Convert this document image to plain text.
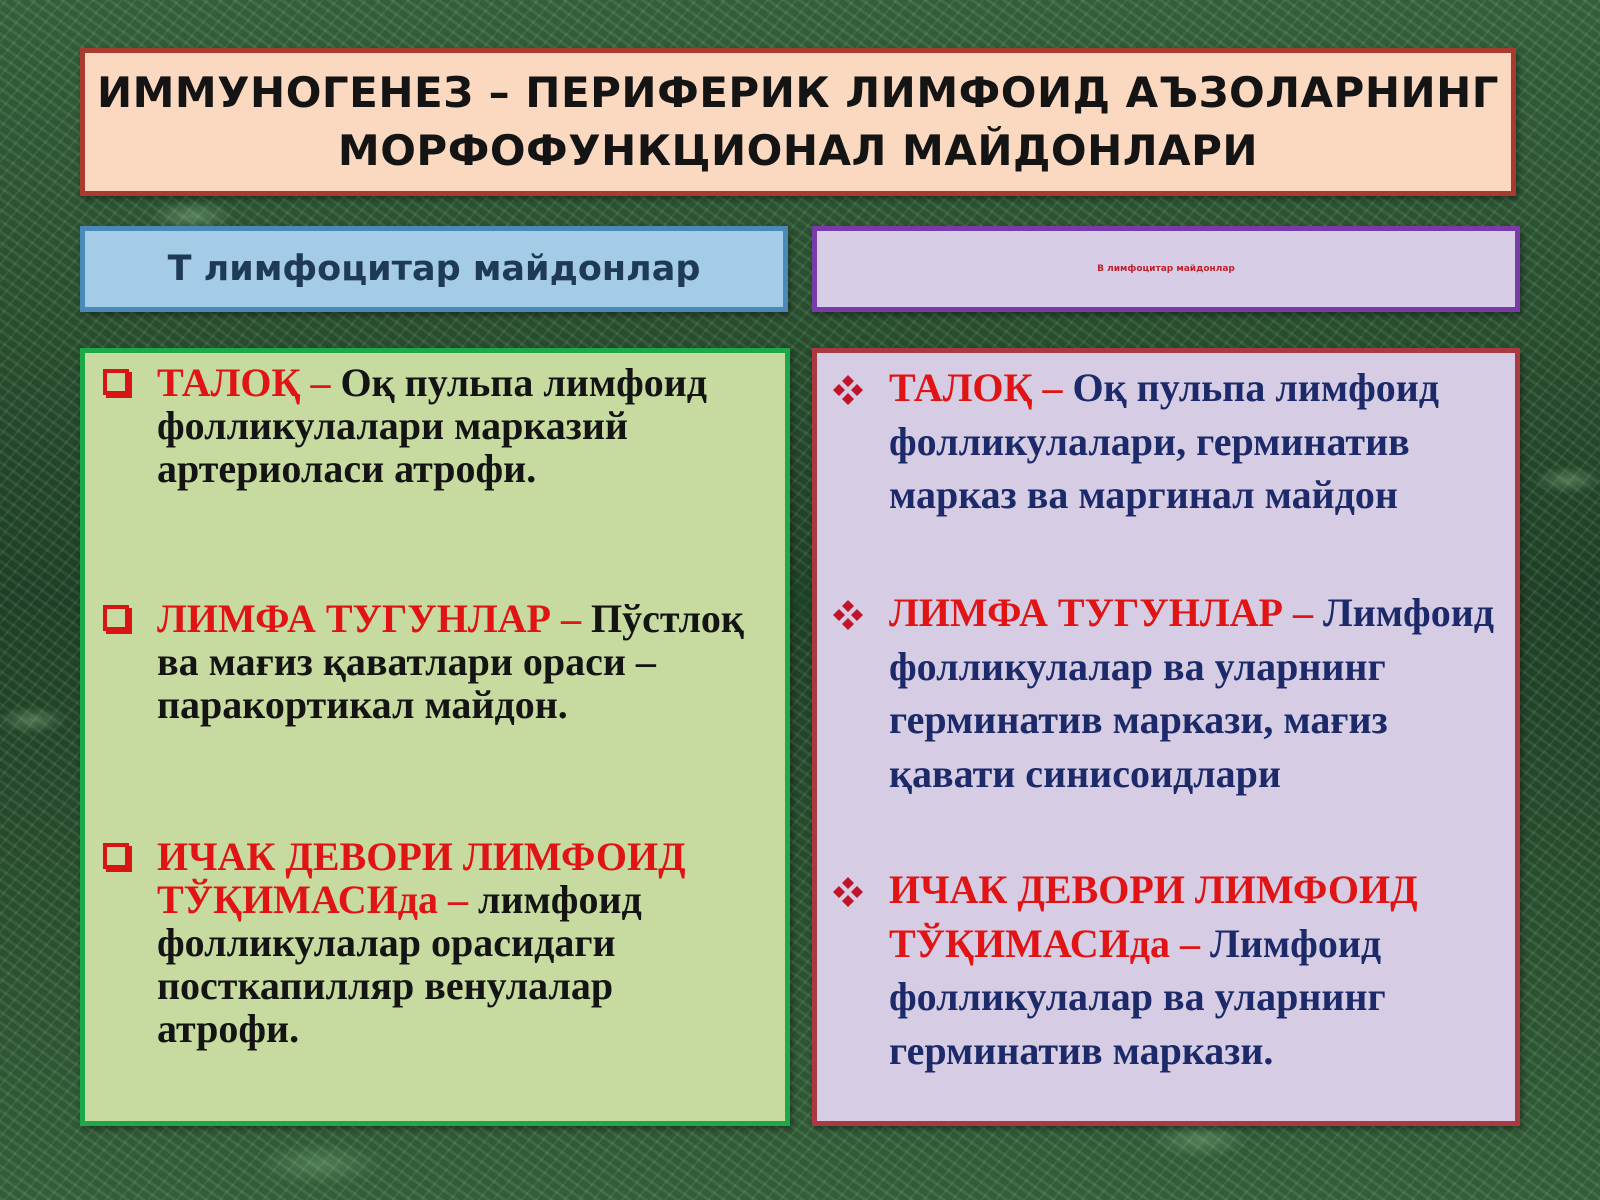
ИММУНОГЕНЕЗ – ПЕРИФЕРИК ЛИМФОИД АЪЗОЛАРНИНГ
МОРФОФУНКЦИОНАЛ МАЙДОНЛАРИ
Т лимфоцитар майдонлар	В лимфоцитар майдонлар
ТАЛОҚ – Оқ пульпа лимфоид фолликулалари марказий артериоласи атрофи.
ЛИМФА ТУГУНЛАР – Пўстлоқ ва мағиз қаватлари ораси – паракортикал майдон.
ИЧАК ДЕВОРИ ЛИМФОИД ТЎҚИМАСИда – лимфоид фолликулалар орасидаги посткапилляр венулалар атрофи.
ТАЛОҚ – Оқ пульпа лимфоид фолликулалари, герминатив марказ ва маргинал майдон
ЛИМФА ТУГУНЛАР – Лимфоид фолликулалар ва уларнинг герминатив маркази, мағиз қавати синисоидлари
ИЧАК ДЕВОРИ ЛИМФОИД ТЎҚИМАСИда – Лимфоид фолликулалар ва уларнинг герминатив маркази.
